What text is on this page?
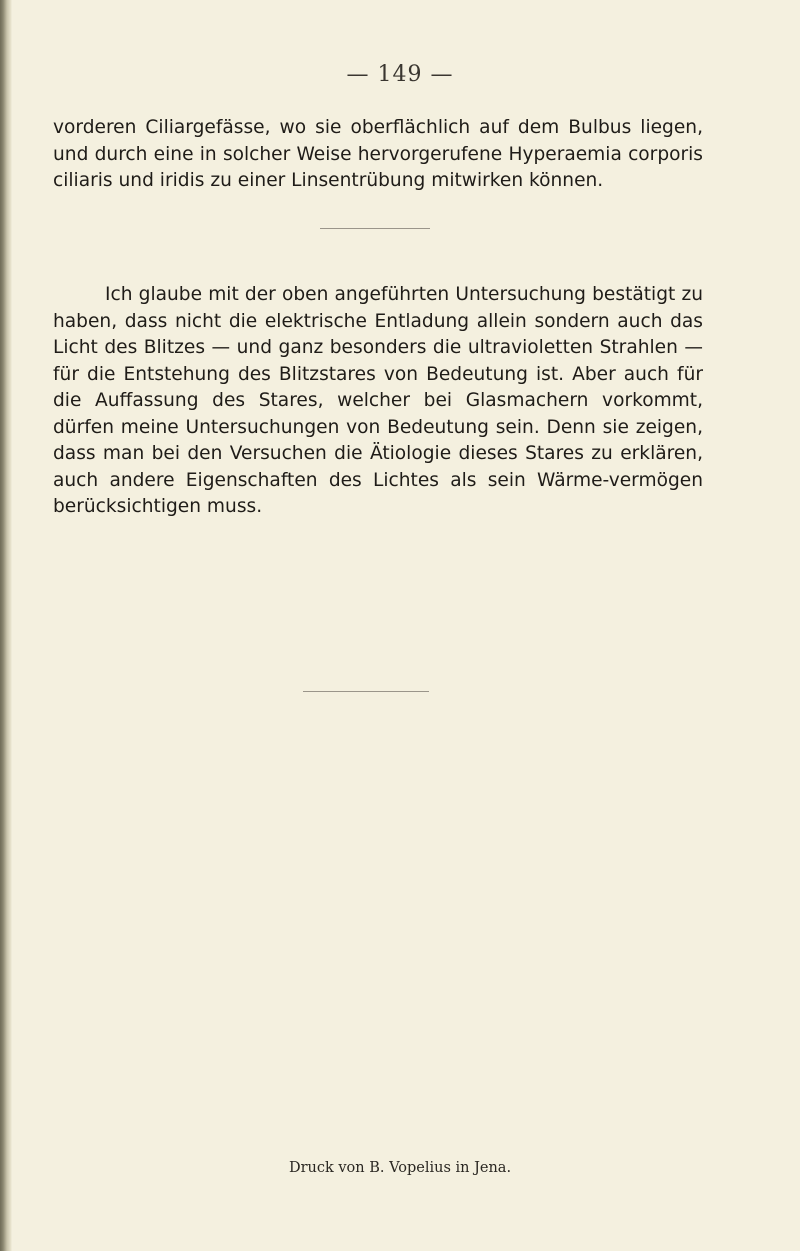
— 149 —

vorderen Ciliargefässe, wo sie oberflächlich auf dem Bulbus liegen, und durch eine in solcher Weise hervorgerufene Hyperaemia corporis ciliaris und iridis zu einer Linsentrübung mitwirken können.

Ich glaube mit der oben angeführten Untersuchung bestätigt zu haben, dass nicht die elektrische Entladung allein sondern auch das Licht des Blitzes — und ganz besonders die ultravioletten Strahlen — für die Entstehung des Blitzstares von Bedeutung ist. Aber auch für die Auffassung des Stares, welcher bei Glasmachern vorkommt, dürfen meine Untersuchungen von Bedeutung sein. Denn sie zeigen, dass man bei den Versuchen die Ätiologie dieses Stares zu erklären, auch andere Eigenschaften des Lichtes als sein Wärme-vermögen berücksichtigen muss.

Druck von B. Vopelius in Jena.
